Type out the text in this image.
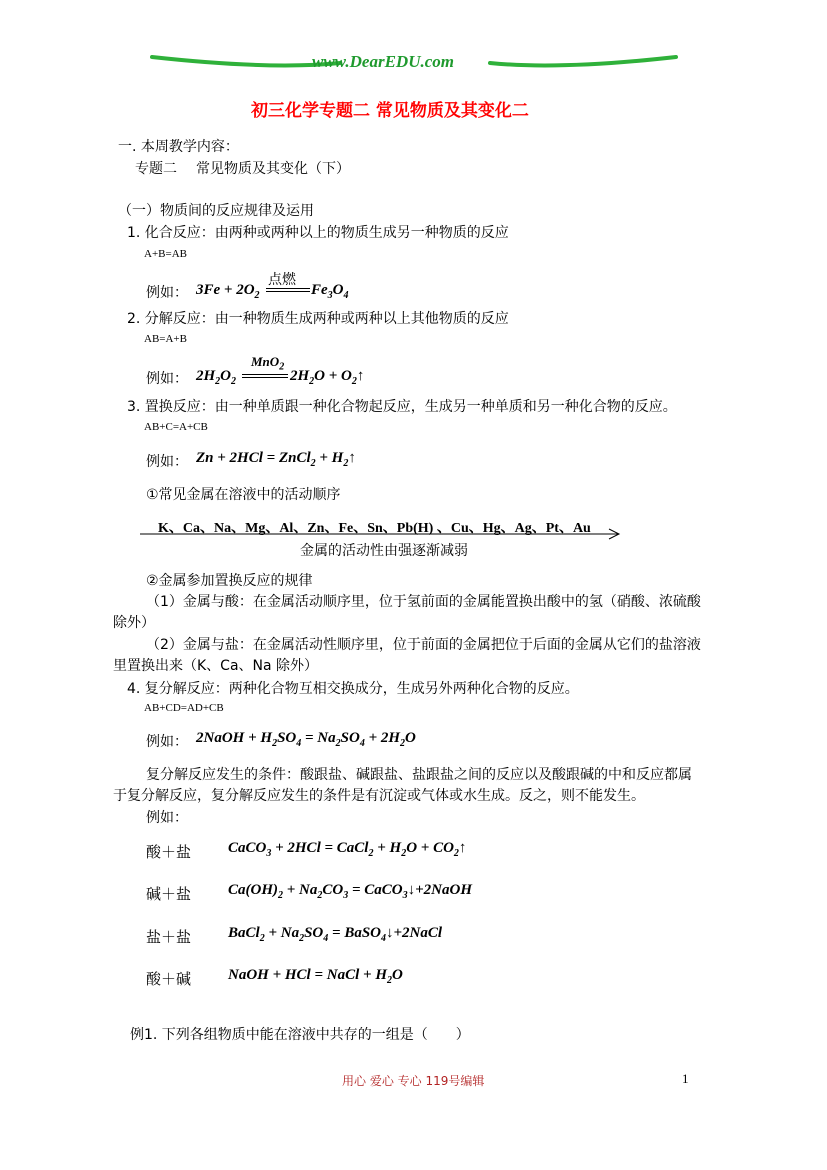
www.DearEDU.com
初三化学专题二 常见物质及其变化二
一. 本周教学内容：
专题二 常见物质及其变化（下）
（一）物质间的反应规律及运用
1. 化合反应：由两种或两种以上的物质生成另一种物质的反应
A+B=AB
例如：
点燃
$3Fe + 2O_2$	$Fe_3O_4$
2. 分解反应：由一种物质生成两种或两种以上其他物质的反应
AB=A+B
例如：
MnO$_2$
$2H_2O_2$	$2H_2O$ + $O_2↑$
3. 置换反应：由一种单质跟一种化合物起反应，生成另一种单质和另一种化合物的反应。
AB+C=A+CB
例如： Zn + 2HCl = ZnCl$_2$ + $H_2↑$
①常见金属在溶液中的活动顺序
K、Ca、Na、Mg、Al、Zn、Fe、Sn、Pb(H) 、Cu、Hg、Ag、Pt、Au
金属的活动性由强逐渐减弱
②金属参加置换反应的规律
（1）金属与酸：在金属活动顺序里，位于氢前面的金属能置换出酸中的氢（硝酸、浓硫酸
除外）
（2）金属与盐：在金属活动性顺序里，位于前面的金属把位于后面的金属从它们的盐溶液
里置换出来（K、Ca、Na 除外）
4. 复分解反应：两种化合物互相交换成分，生成另外两种化合物的反应。
AB+CD=AD+CB
例如： 2NaOH + $H_2SO_4 = Na_2SO_4 + 2H_2O$
复分解反应发生的条件：酸跟盐、碱跟盐、盐跟盐之间的反应以及酸跟碱的中和反应都属
于复分解反应，复分解反应发生的条件是有沉淀或气体或水生成。反之，则不能发生。
例如：
酸＋盐 CaCO$_3$ + 2HCl = CaCl$_2$ + $H_2O$ + $CO_2↑$
碱＋盐 $Ca(OH)_2 + Na_2CO_3$ = CaCO$_3$↓+2NaOH
盐＋盐 BaCl$_2$ + $Na_2SO_4$ = BaSO$_4$↓+2NaCl
酸＋碱 NaOH + HCl = NaCl + $H_2O$
例1. 下列各组物质中能在溶液中共存的一组是（　　）
用心 爱心 专心 119号编辑	1
